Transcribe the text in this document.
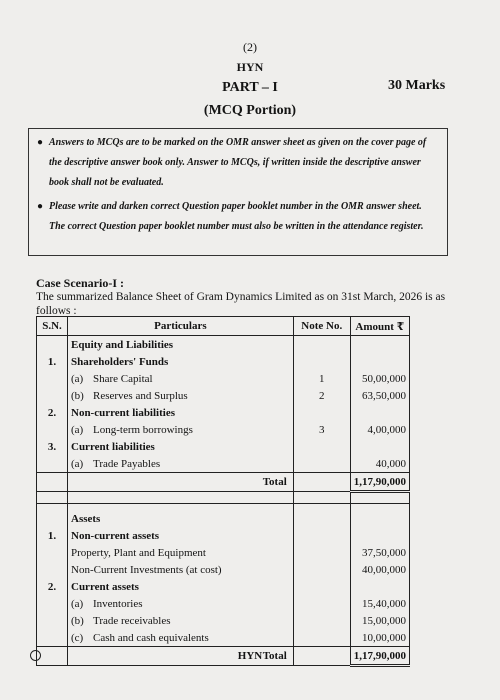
(2)
HYN
PART – I	30 Marks
(MCQ Portion)
● Answers to MCQs are to be marked on the OMR answer sheet as given on the cover page of the descriptive answer book only. Answer to MCQs, if written inside the descriptive answer book shall not be evaluated.
● Please write and darken correct Question paper booklet number in the OMR answer sheet. The correct Question paper booklet number must also be written in the attendance register.
Case Scenario-I :
The summarized Balance Sheet of Gram Dynamics Limited as on 31st March, 2026 is as follows :
S.N.	Particulars	Note No.	Amount ₹
	Equity and Liabilities		
1.	Shareholders' Funds		
	(a) Share Capital	1	50,00,000
	(b) Reserves and Surplus	2	63,50,000
2.	Non-current liabilities		
	(a) Long-term borrowings	3	4,00,000
3.	Current liabilities		
	(a) Trade Payables		40,000
	Total		1,17,90,000

	Assets		
1.	Non-current assets		
	Property, Plant and Equipment		37,50,000
	Non-Current Investments (at cost)		40,00,000
2.	Current assets		
	(a) Inventories		15,40,000
	(b) Trade receivables		15,00,000
	(c) Cash and cash equivalents		10,00,000
	Total		1,17,90,000
HYN
